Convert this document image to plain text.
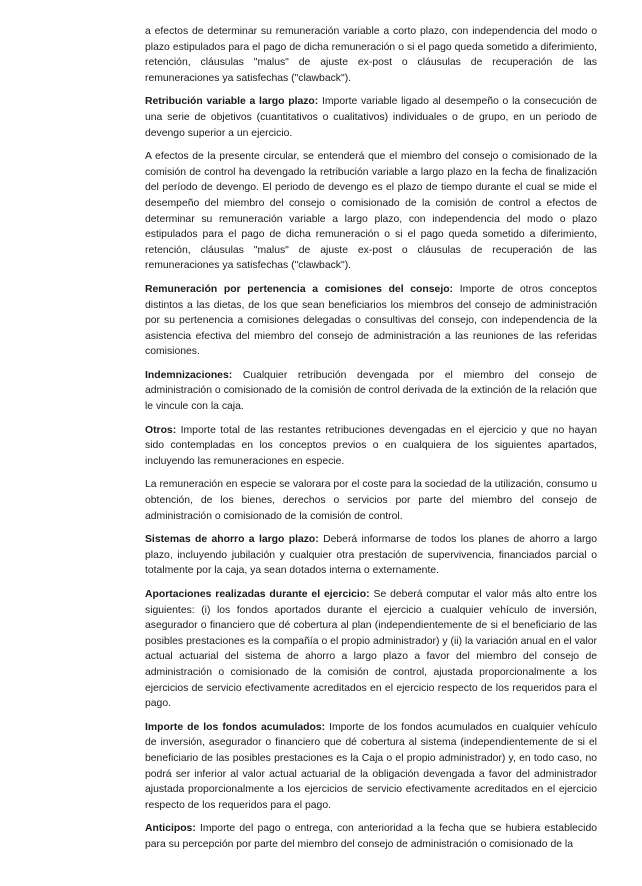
a efectos de determinar su remuneración variable a corto plazo, con independencia del modo o plazo estipulados para el pago de dicha remuneración o si el pago queda sometido a diferimiento, retención, cláusulas "malus" de ajuste ex-post o cláusulas de recuperación de las remuneraciones ya satisfechas ("clawback").

Retribución variable a largo plazo: Importe variable ligado al desempeño o la consecución de una serie de objetivos (cuantitativos o cualitativos) individuales o de grupo, en un periodo de devengo superior a un ejercicio.

A efectos de la presente circular, se entenderá que el miembro del consejo o comisionado de la comisión de control ha devengado la retribución variable a largo plazo en la fecha de finalización del período de devengo. El periodo de devengo es el plazo de tiempo durante el cual se mide el desempeño del miembro del consejo o comisionado de la comisión de control a efectos de determinar su remuneración variable a largo plazo, con independencia del modo o plazo estipulados para el pago de dicha remuneración o si el pago queda sometido a diferimiento, retención, cláusulas "malus" de ajuste ex-post o cláusulas de recuperación de las remuneraciones ya satisfechas ("clawback").

Remuneración por pertenencia a comisiones del consejo: Importe de otros conceptos distintos a las dietas, de los que sean beneficiarios los miembros del consejo de administración por su pertenencia a comisiones delegadas o consultivas del consejo, con independencia de la asistencia efectiva del miembro del consejo de administración a las reuniones de las referidas comisiones.

Indemnizaciones: Cualquier retribución devengada por el miembro del consejo de administración o comisionado de la comisión de control derivada de la extinción de la relación que le vincule con la caja.

Otros: Importe total de las restantes retribuciones devengadas en el ejercicio y que no hayan sido contempladas en los conceptos previos o en cualquiera de los siguientes apartados, incluyendo las remuneraciones en especie.

La remuneración en especie se valorara por el coste para la sociedad de la utilización, consumo u obtención, de los bienes, derechos o servicios por parte del miembro del consejo de administración o comisionado de la comisión de control.

Sistemas de ahorro a largo plazo: Deberá informarse de todos los planes de ahorro a largo plazo, incluyendo jubilación y cualquier otra prestación de supervivencia, financiados parcial o totalmente por la caja, ya sean dotados interna o externamente.

Aportaciones realizadas durante el ejercicio: Se deberá computar el valor más alto entre los siguientes: (i) los fondos aportados durante el ejercicio a cualquier vehículo de inversión, asegurador o financiero que dé cobertura al plan (independientemente de si el beneficiario de las posibles prestaciones es la compañía o el propio administrador) y (ii) la variación anual en el valor actual actuarial del sistema de ahorro a largo plazo a favor del miembro del consejo de administración o comisionado de la comisión de control, ajustada proporcionalmente a los ejercicios de servicio efectivamente acreditados en el ejercicio respecto de los requeridos para el pago.

Importe de los fondos acumulados: Importe de los fondos acumulados en cualquier vehículo de inversión, asegurador o financiero que dé cobertura al sistema (independientemente de si el beneficiario de las posibles prestaciones es la Caja o el propio administrador) y, en todo caso, no podrá ser inferior al valor actual actuarial de la obligación devengada a favor del administrador ajustada proporcionalmente a los ejercicios de servicio efectivamente acreditados en el ejercicio respecto de los requeridos para el pago.

Anticipos: Importe del pago o entrega, con anterioridad a la fecha que se hubiera establecido para su percepción por parte del miembro del consejo de administración o comisionado de la
